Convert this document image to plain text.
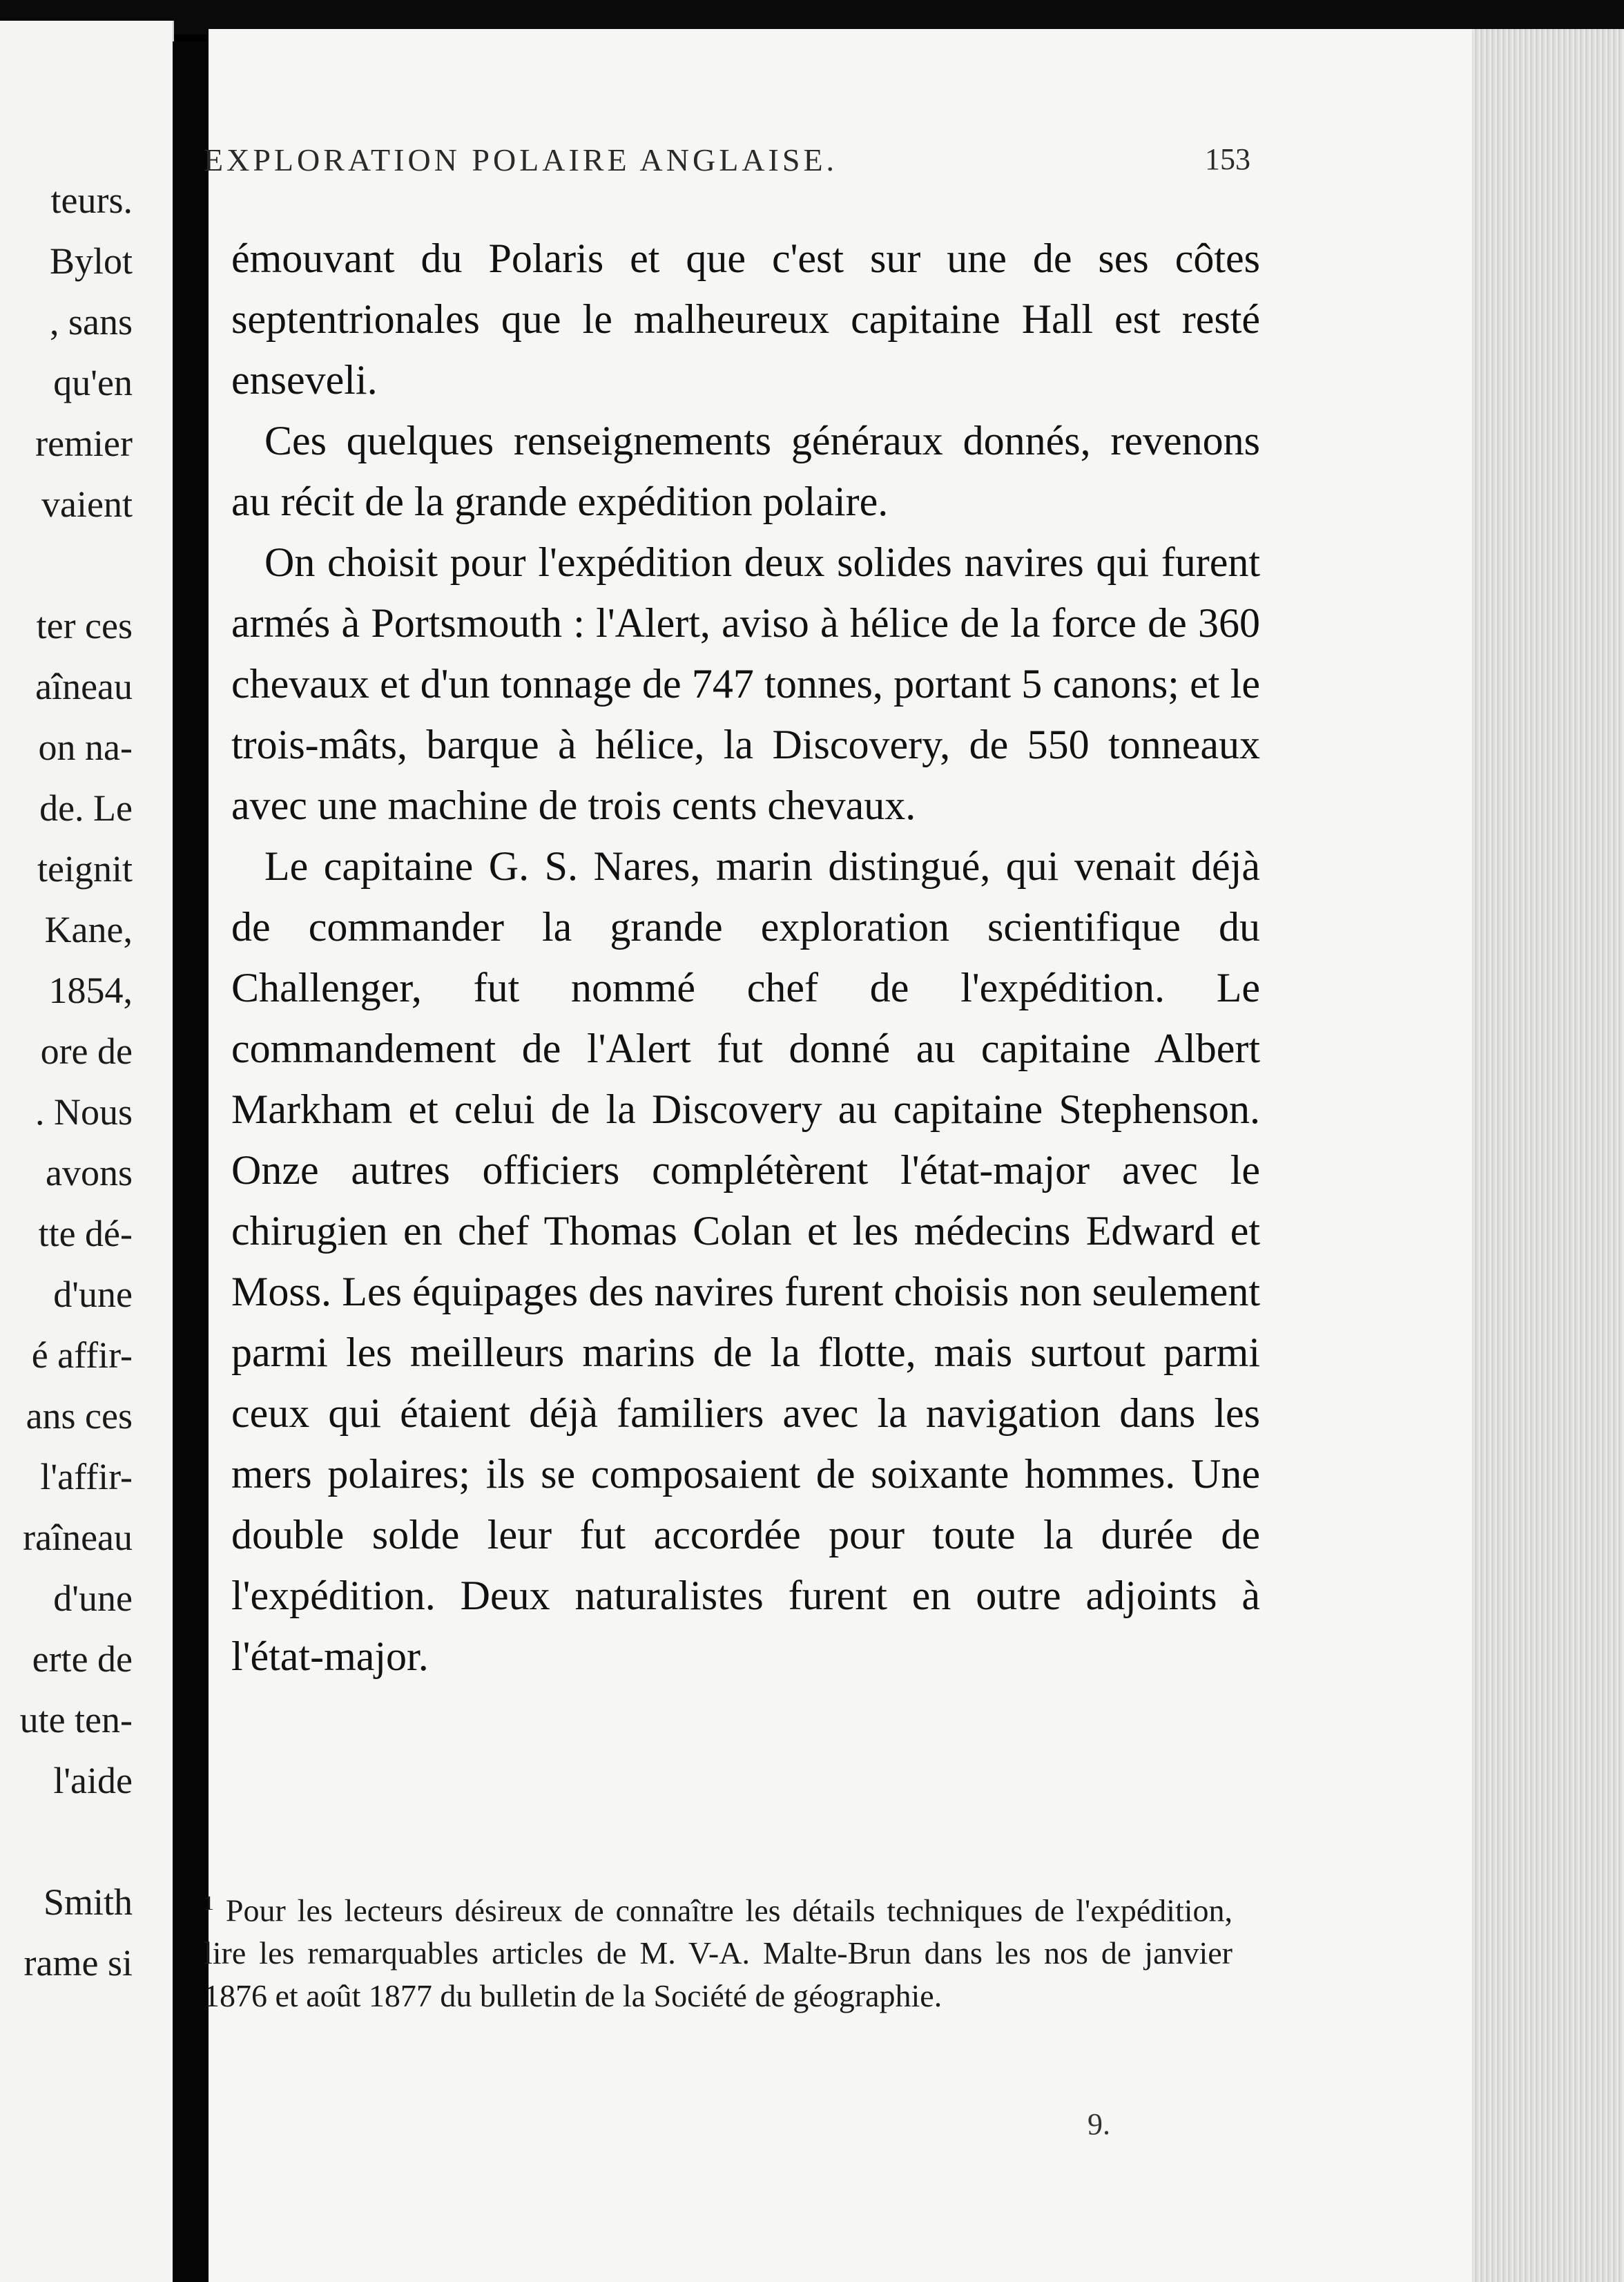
teurs.
Bylot
, sans
qu'en
remier
vaient
ter ces
aîneau
on na-
de. Le
teignit
Kane,
1854,
ore de
. Nous
avons
tte dé-
d'une
é affir-
ans ces
l'affir-
raîneau
d'une
erte de
ute ten-
l'aide
Smith
rame si
EXPLORATION POLAIRE ANGLAISE.	153

émouvant du Polaris et que c'est sur une de ses côtes septentrionales que le malheureux capitaine Hall est resté enseveli.

Ces quelques renseignements généraux donnés, revenons au récit de la grande expédition polaire.

On choisit pour l'expédition deux solides navires qui furent armés à Portsmouth : l'Alert, aviso à hélice de la force de 360 chevaux et d'un tonnage de 747 tonnes, portant 5 canons; et le trois-mâts, barque à hélice, la Discovery, de 550 tonneaux avec une machine de trois cents chevaux.

Le capitaine G. S. Nares, marin distingué, qui venait déjà de commander la grande exploration scientifique du Challenger, fut nommé chef de l'expédition. Le commandement de l'Alert fut donné au capitaine Albert Markham et celui de la Discovery au capitaine Stephenson. Onze autres officiers complétèrent l'état-major avec le chirugien en chef Thomas Colan et les médecins Edward et Moss. Les équipages des navires furent choisis non seulement parmi les meilleurs marins de la flotte, mais surtout parmi ceux qui étaient déjà familiers avec la navigation dans les mers polaires; ils se composaient de soixante hommes. Une double solde leur fut accordée pour toute la durée de l'expédition. Deux naturalistes furent en outre adjoints à l'état-major.

$^1$ Pour les lecteurs désireux de connaître les détails techniques de l'expédition, lire les remarquables articles de M. V-A. Malte-Brun dans les nos de janvier 1876 et août 1877 du bulletin de la Société de géographie.
9.
